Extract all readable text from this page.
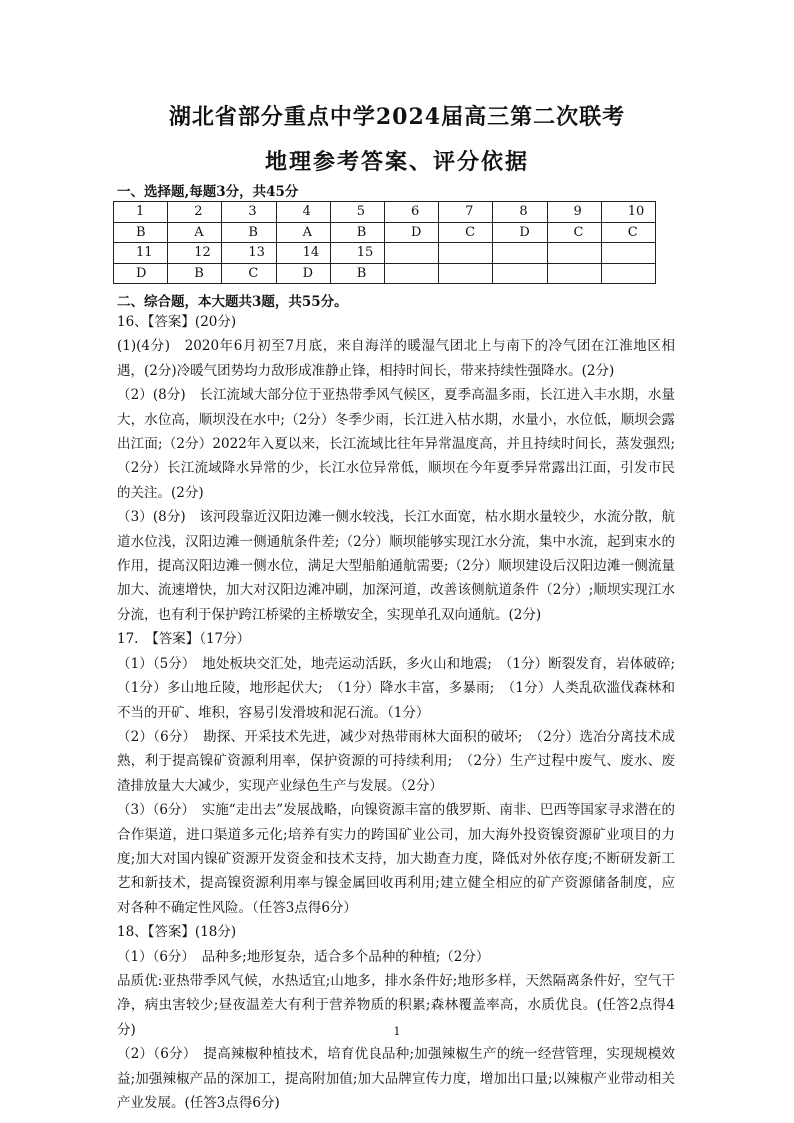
湖北省部分重点中学2024届高三第二次联考
地理参考答案、评分依据
一、选择题,每题3分，共45分
1	2	3	4	5	6	7	8	9	10
B	A	B	A	B	D	C	D	C	C
11	12	13	14	15					
D	B	C	D	B					
二、综合题，本大题共3题，共55分。

16、【答案】(20分)

(1)(4分)　2020年6月初至7月底，来自海洋的暖湿气团北上与南下的冷气团在江淮地区相遇，(2分)冷暖气团势均力敌形成准静止锋，相持时间长，带来持续性强降水。(2分)

（2）(8分)　长江流域大部分位于亚热带季风气候区，夏季高温多雨，长江进入丰水期，水量大，水位高，顺坝没在水中;（2分）冬季少雨，长江进入枯水期，水量小，水位低，顺坝会露出江面;（2分）2022年入夏以来，长江流域比往年异常温度高，并且持续时间长，蒸发强烈;（2分）长江流域降水异常的少，长江水位异常低，顺坝在今年夏季异常露出江面，引发市民的关注。(2分)

（3）(8分)　该河段靠近汉阳边滩一侧水较浅，长江水面宽，枯水期水量较少，水流分散，航道水位浅，汉阳边滩一侧通航条件差;（2分）顺坝能够实现江水分流，集中水流，起到束水的作用，提高汉阳边滩一侧水位，满足大型船舶通航需要;（2分）顺坝建设后汉阳边滩一侧流量加大、流速增快，加大对汉阳边滩冲刷，加深河道，改善该侧航道条件（2分）;顺坝实现江水分流，也有利于保护跨江桥梁的主桥墩安全，实现单孔双向通航。(2分)

17.　【答案】（17分）

（1）（5分）　地处板块交汇处，地壳运动活跃，多火山和地震;　（1分）断裂发育，岩体破碎;　（1分）多山地丘陵，地形起伏大;　（1分）降水丰富，多暴雨;　（1分）人类乱砍滥伐森林和不当的开矿、堆积，容易引发滑坡和泥石流。（1分）

（2）（6分）　勘探、开采技术先进，减少对热带雨林大面积的破坏;　（2分）选冶分离技术成熟，利于提高镍矿资源利用率，保护资源的可持续利用;　（2分）生产过程中废气、废水、废渣排放量大大减少，实现产业绿色生产与发展。（2分）

（3）（6分）　实施“走出去”发展战略，向镍资源丰富的俄罗斯、南非、巴西等国家寻求潜在的合作渠道，进口渠道多元化;培养有实力的跨国矿业公司，加大海外投资镍资源矿业项目的力度;加大对国内镍矿资源开发资金和技术支持，加大勘查力度，降低对外依存度;不断研发新工艺和新技术，提高镍资源利用率与镍金属回收再利用;建立健全相应的矿产资源储备制度，应对各种不确定性风险。（任答3点得6分）

18、【答案】(18分)

（1）（6分）　品种多;地形复杂，适合多个品种的种植;（2分）

品质优:亚热带季风气候，水热适宜;山地多，排水条件好;地形多样，天然隔离条件好，空气干净，病虫害较少;昼夜温差大有利于营养物质的积累;森林覆盖率高，水质优良。(任答2点得4分)

（2）（6分）　提高辣椒种植技术，培育优良品种;加强辣椒生产的统一经营管理，实现规模效益;加强辣椒产品的深加工，提高附加值;加大品牌宣传力度，增加出口量;以辣椒产业带动相关产业发展。(任答3点得6分)

1
